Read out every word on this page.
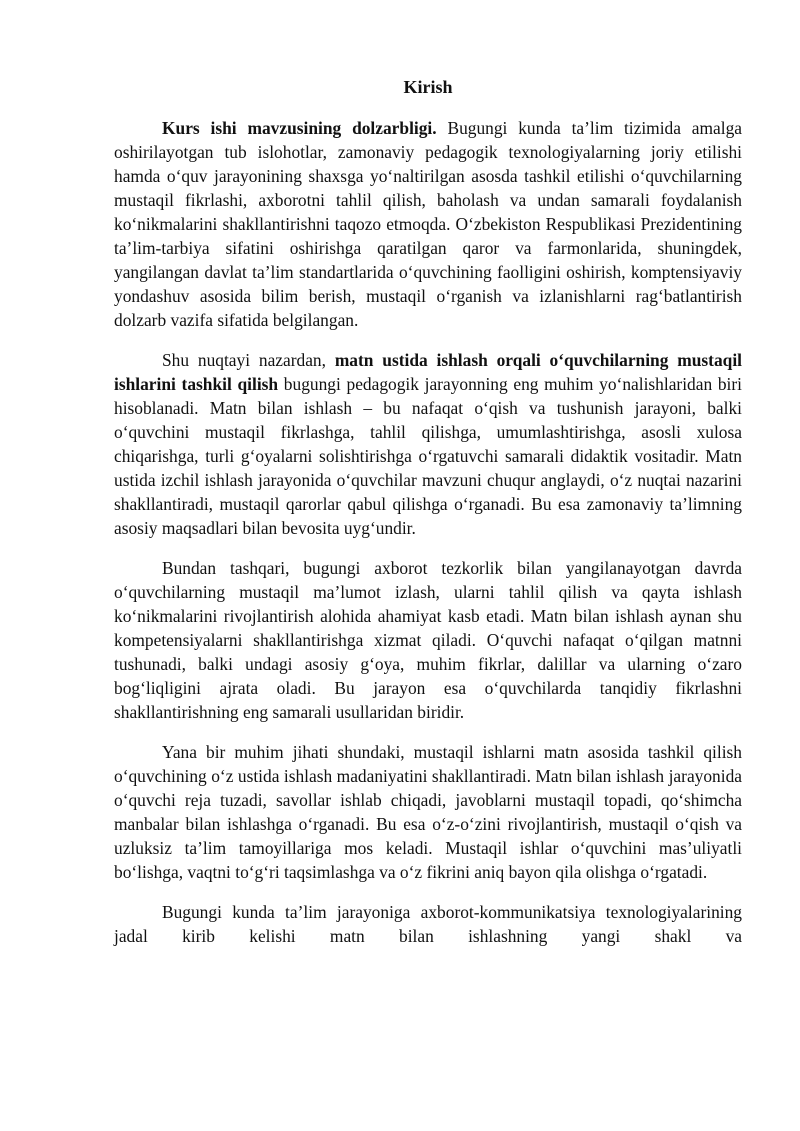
Kirish

Kurs ishi mavzusining dolzarbligi. Bugungi kunda ta’lim tizimida amalga oshirilayotgan tub islohotlar, zamonaviy pedagogik texnologiyalarning joriy etilishi hamda o‘quv jarayonining shaxsga yo‘naltirilgan asosda tashkil etilishi o‘quvchilarning mustaqil fikrlashi, axborotni tahlil qilish, baholash va undan samarali foydalanish ko‘nikmalarini shakllantirishni taqozo etmoqda. O‘zbekiston Respublikasi Prezidentining ta’lim-tarbiya sifatini oshirishga qaratilgan qaror va farmonlarida, shuningdek, yangilangan davlat ta’lim standartlarida o‘quvchining faolligini oshirish, komptensiyaviy yondashuv asosida bilim berish, mustaqil o‘rganish va izlanishlarni rag‘batlantirish dolzarb vazifa sifatida belgilangan.

Shu nuqtayi nazardan, matn ustida ishlash orqali o‘quvchilarning mustaqil ishlarini tashkil qilish bugungi pedagogik jarayonning eng muhim yo‘nalishlaridan biri hisoblanadi. Matn bilan ishlash – bu nafaqat o‘qish va tushunish jarayoni, balki o‘quvchini mustaqil fikrlashga, tahlil qilishga, umumlashtirishga, asosli xulosa chiqarishga, turli g‘oyalarni solishtirishga o‘rgatuvchi samarali didaktik vositadir. Matn ustida izchil ishlash jarayonida o‘quvchilar mavzuni chuqur anglaydi, o‘z nuqtai nazarini shakllantiradi, mustaqil qarorlar qabul qilishga o‘rganadi. Bu esa zamonaviy ta’limning asosiy maqsadlari bilan bevosita uyg‘undir.

Bundan tashqari, bugungi axborot tezkorlik bilan yangilanayotgan davrda o‘quvchilarning mustaqil ma’lumot izlash, ularni tahlil qilish va qayta ishlash ko‘nikmalarini rivojlantirish alohida ahamiyat kasb etadi. Matn bilan ishlash aynan shu kompetensiyalarni shakllantirishga xizmat qiladi. O‘quvchi nafaqat o‘qilgan matnni tushunadi, balki undagi asosiy g‘oya, muhim fikrlar, dalillar va ularning o‘zaro bog‘liqligini ajrata oladi. Bu jarayon esa o‘quvchilarda tanqidiy fikrlashni shakllantirishning eng samarali usullaridan biridir.

Yana bir muhim jihati shundaki, mustaqil ishlarni matn asosida tashkil qilish o‘quvchining o‘z ustida ishlash madaniyatini shakllantiradi. Matn bilan ishlash jarayonida o‘quvchi reja tuzadi, savollar ishlab chiqadi, javoblarni mustaqil topadi, qo‘shimcha manbalar bilan ishlashga o‘rganadi. Bu esa o‘z-o‘zini rivojlantirish, mustaqil o‘qish va uzluksiz ta’lim tamoyillariga mos keladi. Mustaqil ishlar o‘quvchini mas’uliyatli bo‘lishga, vaqtni to‘g‘ri taqsimlashga va o‘z fikrini aniq bayon qila olishga o‘rgatadi.

Bugungi kunda ta’lim jarayoniga axborot-kommunikatsiya texnologiyalarining jadal kirib kelishi matn bilan ishlashning yangi shakl va
